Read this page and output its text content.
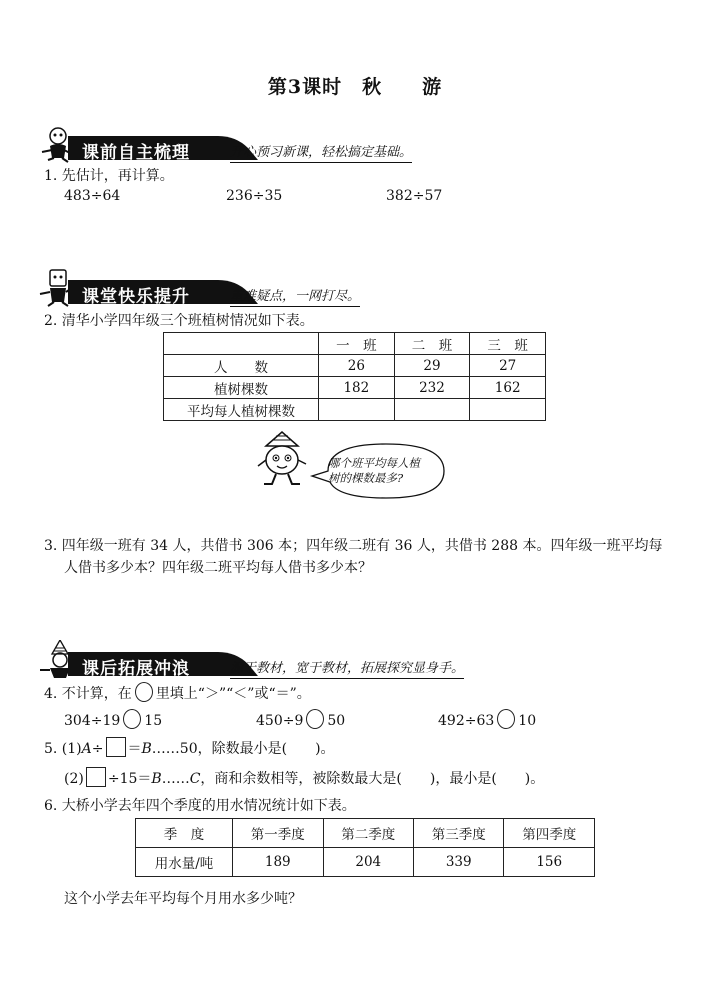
第3课时　秋　　游
课前自主梳理	开心预习新课，轻松搞定基础。
1. 先估计，再计算。
483÷64	236÷35	382÷57
课堂快乐提升	重难疑点，一网打尽。
2. 清华小学四年级三个班植树情况如下表。
	一　班	二　班	三　班
人　　数	26	29	27
植树棵数	182	232	162
平均每人植树棵数			
哪个班平均每人植
树的棵数最多?
3. 四年级一班有 34 人，共借书 306 本；四年级二班有 36 人，共借书 288 本。四年级一班平均每
人借书多少本？四年级二班平均每人借书多少本？
课后拓展冲浪	源于教材，宽于教材，拓展探究显身手。
4. 不计算，在 里填上“＞”“＜”或“＝”。
304÷19 15	450÷9 50	492÷63 10
5. (1)A÷ ＝B……50，除数最小是(　　)。
(2) ÷15＝B……C，商和余数相等，被除数最大是(　　)，最小是(　　)。
6. 大桥小学去年四个季度的用水情况统计如下表。
季　度	第一季度	第二季度	第三季度	第四季度
用水量/吨	189	204	339	156
这个小学去年平均每个月用水多少吨？
